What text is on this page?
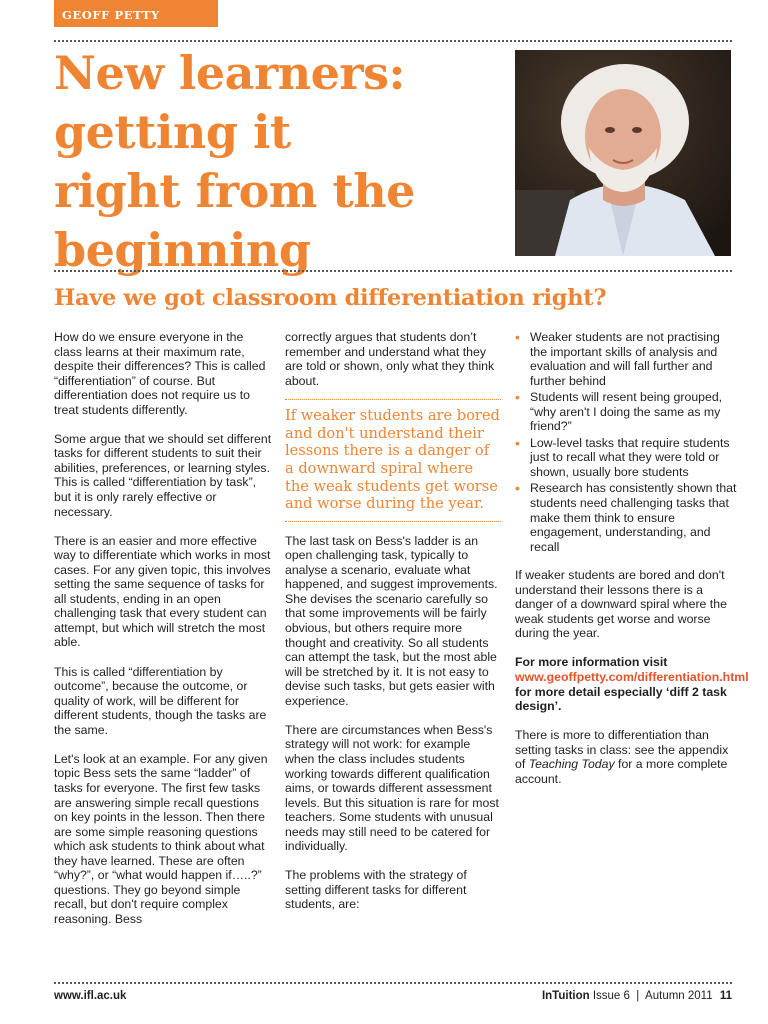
GEOFF PETTY
New learners:
getting it
right from the
beginning
Have we got classroom differentiation right?

How do we ensure everyone in the class learns at their maximum rate, despite their differences? This is called “differentiation” of course. But differentiation does not require us to treat students differently.

Some argue that we should set different tasks for different students to suit their abilities, preferences, or learning styles. This is called “differentiation by task”, but it is only rarely effective or necessary.

There is an easier and more effective way to differentiate which works in most cases. For any given topic, this involves setting the same sequence of tasks for all students, ending in an open challenging task that every student can attempt, but which will stretch the most able.

This is called “differentiation by outcome”, because the outcome, or quality of work, will be different for different students, though the tasks are the same.

Let's look at an example. For any given topic Bess sets the same “ladder” of tasks for everyone. The first few tasks are answering simple recall questions on key points in the lesson. Then there are some simple reasoning questions which ask students to think about what they have learned. These are often “why?”, or “what would happen if…..?” questions. They go beyond simple recall, but don't require complex reasoning. Bess

correctly argues that students don’t remember and understand what they are told or shown, only what they think about.

If weaker students are bored and don't understand their lessons there is a danger of a downward spiral where the weak students get worse and worse during the year.

The last task on Bess's ladder is an open challenging task, typically to analyse a scenario, evaluate what happened, and suggest improvements. She devises the scenario carefully so that some improvements will be fairly obvious, but others require more thought and creativity. So all students can attempt the task, but the most able will be stretched by it. It is not easy to devise such tasks, but gets easier with experience.

There are circumstances when Bess's strategy will not work: for example when the class includes students working towards different qualification aims, or towards different assessment levels. But this situation is rare for most teachers. Some students with unusual needs may still need to be catered for individually.

The problems with the strategy of setting different tasks for different students, are:

• Weaker students are not practising the important skills of analysis and evaluation and will fall further and further behind
• Students will resent being grouped, “why aren't I doing the same as my friend?”
• Low-level tasks that require students just to recall what they were told or shown, usually bore students
• Research has consistently shown that students need challenging tasks that make them think to ensure engagement, understanding, and recall

If weaker students are bored and don't understand their lessons there is a danger of a downward spiral where the weak students get worse and worse during the year.

For more information visit www.geoffpetty.com/differentiation.html for more detail especially ‘diff 2 task design’.

There is more to differentiation than setting tasks in class: see the appendix of Teaching Today for a more complete account.

www.ifl.ac.uk	InTuition Issue 6  |  Autumn 2011 11
